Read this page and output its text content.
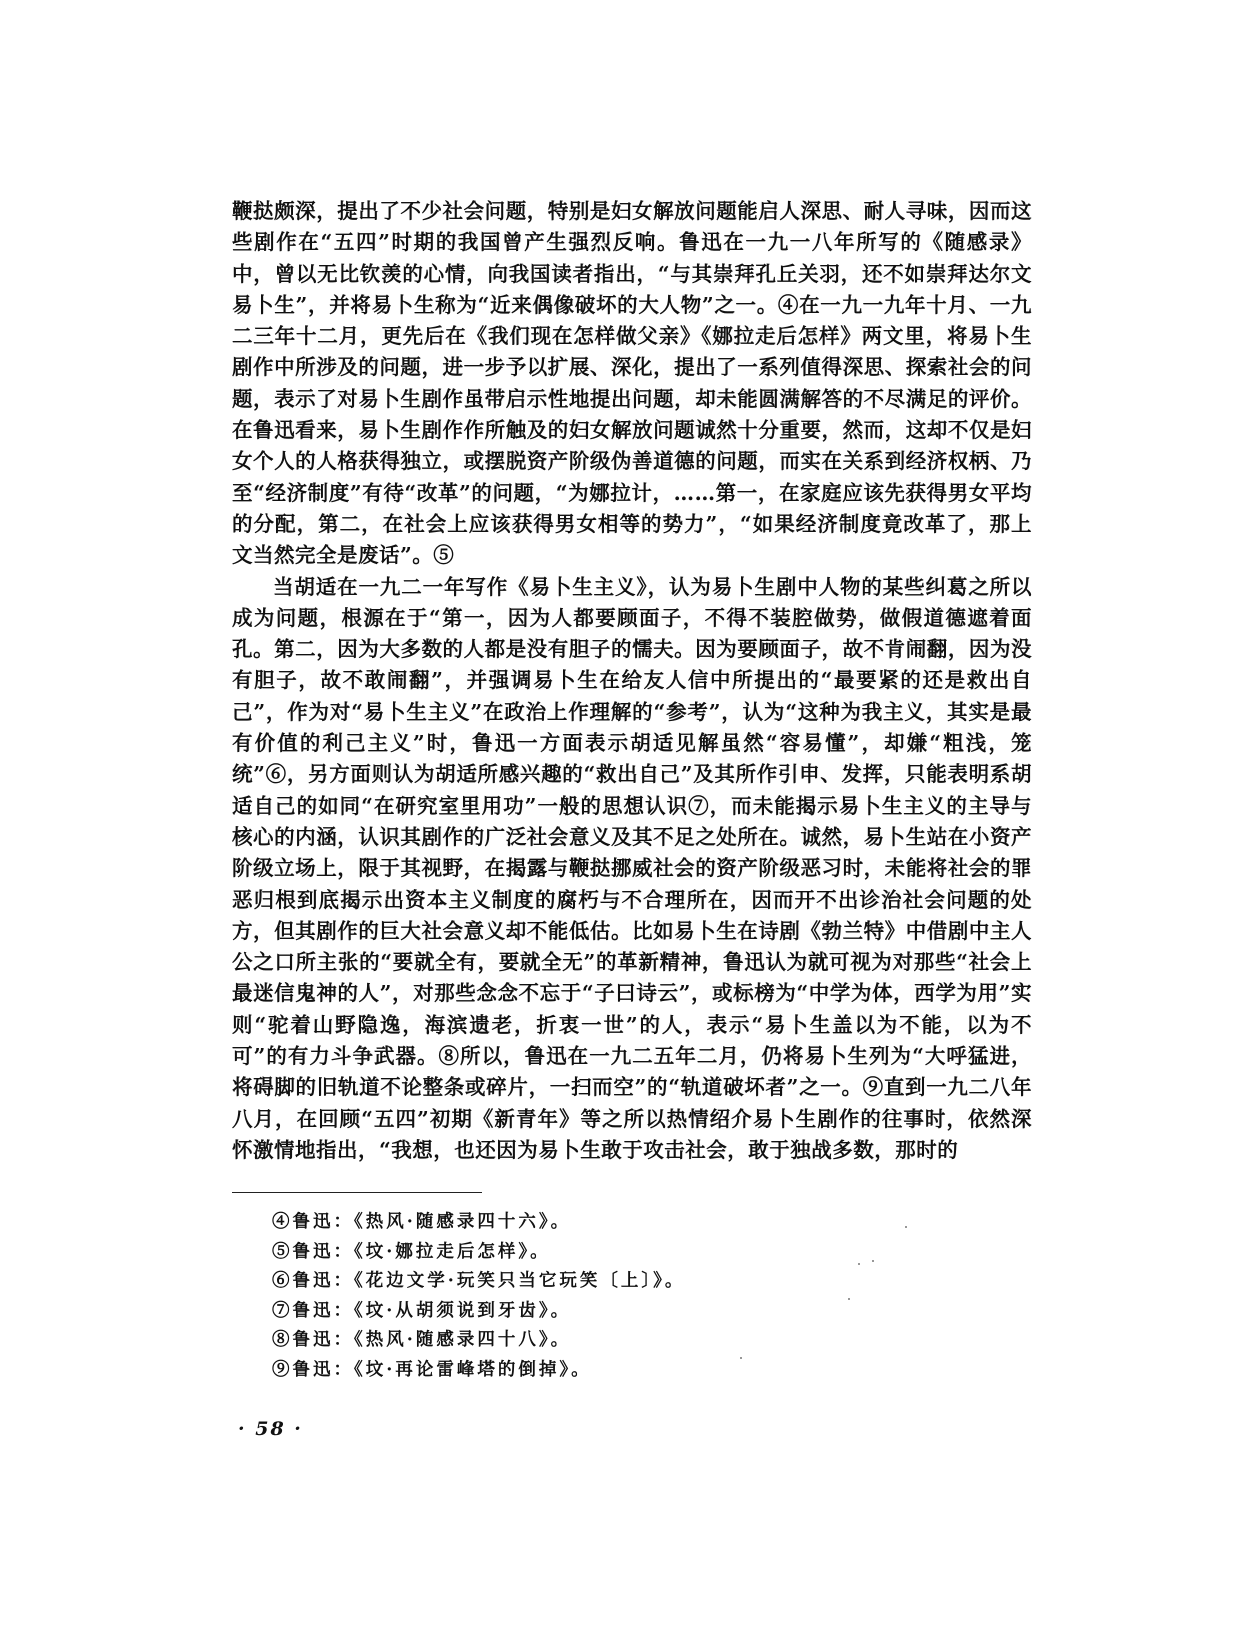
鞭挞颇深，提出了不少社会问题，特别是妇女解放问题能启人深思、耐人寻味，因而这些剧作在“五四”时期的我国曾产生强烈反响。鲁迅在一九一八年所写的《随感录》中，曾以无比钦羡的心情，向我国读者指出，“与其崇拜孔丘关羽，还不如崇拜达尔文易卜生”，并将易卜生称为“近来偶像破坏的大人物”之一。④在一九一九年十月、一九二三年十二月，更先后在《我们现在怎样做父亲》《娜拉走后怎样》两文里，将易卜生剧作中所涉及的问题，进一步予以扩展、深化，提出了一系列值得深思、探索社会的问题，表示了对易卜生剧作虽带启示性地提出问题，却未能圆满解答的不尽满足的评价。在鲁迅看来，易卜生剧作作所触及的妇女解放问题诚然十分重要，然而，这却不仅是妇女个人的人格获得独立，或摆脱资产阶级伪善道德的问题，而实在关系到经济权柄、乃至“经济制度”有待“改革”的问题，“为娜拉计，……第一，在家庭应该先获得男女平均的分配，第二，在社会上应该获得男女相等的势力”，“如果经济制度竟改革了，那上文当然完全是废话”。⑤

当胡适在一九二一年写作《易卜生主义》，认为易卜生剧中人物的某些纠葛之所以成为问题，根源在于“第一，因为人都要顾面子，不得不装腔做势，做假道德遮着面孔。第二，因为大多数的人都是没有胆子的懦夫。因为要顾面子，故不肯闹翻，因为没有胆子，故不敢闹翻”，并强调易卜生在给友人信中所提出的“最要紧的还是救出自己”，作为对“易卜生主义”在政治上作理解的“参考”，认为“这种为我主义，其实是最有价值的利己主义”时，鲁迅一方面表示胡适见解虽然“容易懂”，却嫌“粗浅，笼统”⑥，另方面则认为胡适所感兴趣的“救出自己”及其所作引申、发挥，只能表明系胡适自己的如同“在研究室里用功”一般的思想认识⑦，而未能揭示易卜生主义的主导与核心的内涵，认识其剧作的广泛社会意义及其不足之处所在。诚然，易卜生站在小资产阶级立场上，限于其视野，在揭露与鞭挞挪威社会的资产阶级恶习时，未能将社会的罪恶归根到底揭示出资本主义制度的腐朽与不合理所在，因而开不出诊治社会问题的处方，但其剧作的巨大社会意义却不能低估。比如易卜生在诗剧《勃兰特》中借剧中主人公之口所主张的“要就全有，要就全无”的革新精神，鲁迅认为就可视为对那些“社会上最迷信鬼神的人”，对那些念念不忘于“子曰诗云”，或标榜为“中学为体，西学为用”实则“驼着山野隐逸，海滨遗老，折衷一世”的人，表示“易卜生盖以为不能，以为不可”的有力斗争武器。⑧所以，鲁迅在一九二五年二月，仍将易卜生列为“大呼猛进，将碍脚的旧轨道不论整条或碎片，一扫而空”的“轨道破坏者”之一。⑨直到一九二八年八月，在回顾“五四”初期《新青年》等之所以热情绍介易卜生剧作的往事时，依然深怀激情地指出，“我想，也还因为易卜生敢于攻击社会，敢于独战多数，那时的

④鲁迅：《热风·随感录四十六》。
⑤鲁迅：《坟·娜拉走后怎样》。
⑥鲁迅：《花边文学·玩笑只当它玩笑〔上〕》。
⑦鲁迅：《坟·从胡须说到牙齿》。
⑧鲁迅：《热风·随感录四十八》。
⑨鲁迅：《坟·再论雷峰塔的倒掉》。
· 58 ·
